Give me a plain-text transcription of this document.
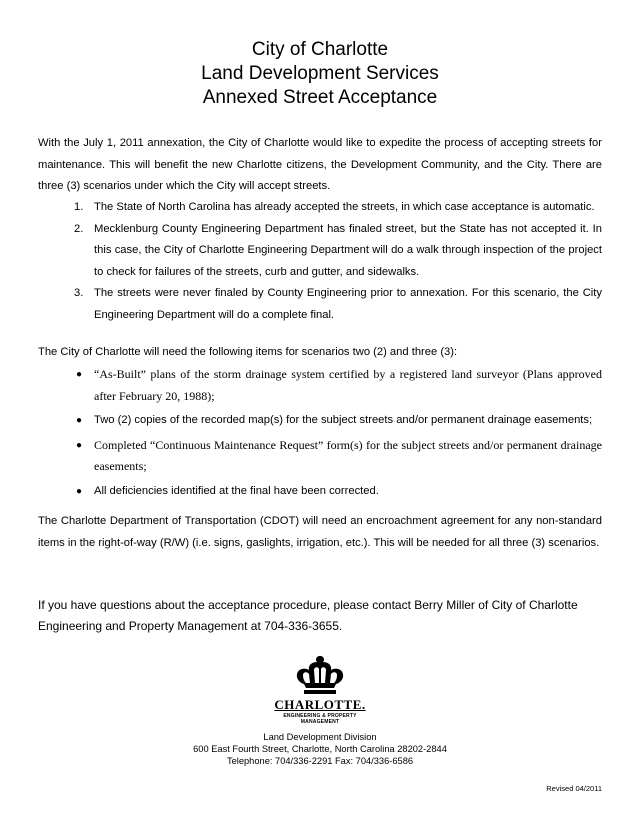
City of Charlotte
Land Development Services
Annexed Street Acceptance
With the July 1, 2011 annexation, the City of Charlotte would like to expedite the process of accepting streets for maintenance. This will benefit the new Charlotte citizens, the Development Community, and the City. There are three (3) scenarios under which the City will accept streets.
1. The State of North Carolina has already accepted the streets, in which case acceptance is automatic.
2. Mecklenburg County Engineering Department has finaled street, but the State has not accepted it. In this case, the City of Charlotte Engineering Department will do a walk through inspection of the project to check for failures of the streets, curb and gutter, and sidewalks.
3. The streets were never finaled by County Engineering prior to annexation. For this scenario, the City Engineering Department will do a complete final.
The City of Charlotte will need the following items for scenarios two (2) and three (3):
● “As-Built” plans of the storm drainage system certified by a registered land surveyor (Plans approved after February 20, 1988);
● Two (2) copies of the recorded map(s) for the subject streets and/or permanent drainage easements;
● Completed “Continuous Maintenance Request” form(s) for the subject streets and/or permanent drainage easements;
● All deficiencies identified at the final have been corrected.
The Charlotte Department of Transportation (CDOT) will need an encroachment agreement for any non-standard items in the right-of-way (R/W) (i.e. signs, gaslights, irrigation, etc.). This will be needed for all three (3) scenarios.
If you have questions about the acceptance procedure, please contact Berry Miller of City of Charlotte Engineering and Property Management at 704-336-3655.
CHARLOTTE.
ENGINEERING & PROPERTY
MANAGEMENT
Land Development Division
600 East Fourth Street, Charlotte, North Carolina 28202-2844
Telephone: 704/336-2291 Fax: 704/336-6586
Revised 04/2011
